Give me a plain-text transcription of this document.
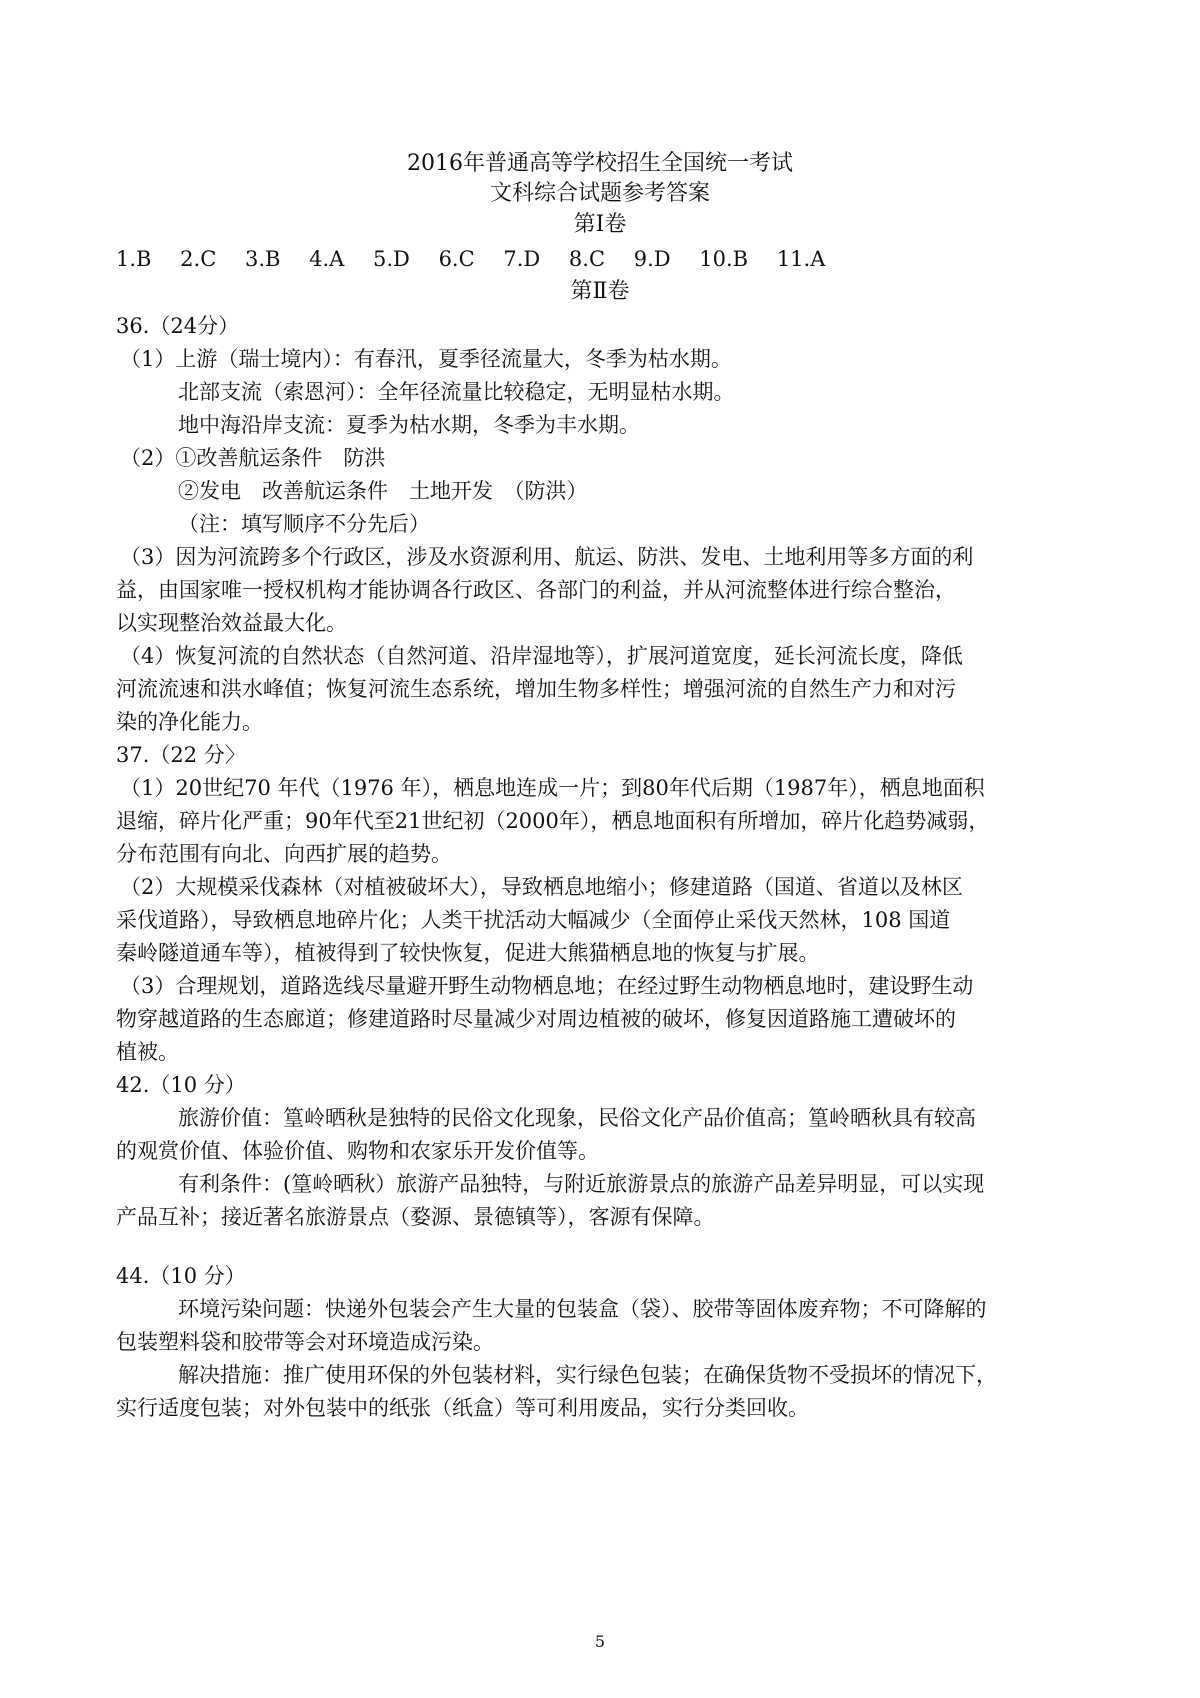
2016年普通高等学校招生全国统一考试
文科综合试题参考答案
第Ⅰ卷
1.B 2.C 3.B 4.A 5.D 6.C 7.D 8.C 9.D 10.B 11.A
第Ⅱ卷
36.（24分）
（1）上游（瑞士境内）：有春汛，夏季径流量大，冬季为枯水期。
北部支流（索恩河）：全年径流量比较稳定，无明显枯水期。
地中海沿岸支流：夏季为枯水期，冬季为丰水期。
（2）①改善航运条件　防洪
②发电　改善航运条件　土地开发　（防洪）
（注：填写顺序不分先后）
（3）因为河流跨多个行政区，涉及水资源利用、航运、防洪、发电、土地利用等多方面的利
益，由国家唯一授权机构才能协调各行政区、各部门的利益，并从河流整体进行综合整治，
以实现整治效益最大化。
（4）恢复河流的自然状态（自然河道、沿岸湿地等），扩展河道宽度，延长河流长度，降低
河流流速和洪水峰值；恢复河流生态系统，增加生物多样性；增强河流的自然生产力和对污
染的净化能力。
37.（22 分〉
（1）20世纪70 年代（1976 年），栖息地连成一片；到80年代后期（1987年），栖息地面积
退缩，碎片化严重；90年代至21世纪初（2000年），栖息地面积有所增加，碎片化趋势减弱，
分布范围有向北、向西扩展的趋势。
（2）大规模采伐森林（对植被破坏大），导致栖息地缩小；修建道路（国道、省道以及林区
采伐道路），导致栖息地碎片化；人类干扰活动大幅减少（全面停止采伐天然林，108 国道
秦岭隧道通车等），植被得到了较快恢复，促进大熊猫栖息地的恢复与扩展。
（3）合理规划，道路选线尽量避开野生动物栖息地；在经过野生动物栖息地时，建设野生动
物穿越道路的生态廊道；修建道路时尽量减少对周边植被的破坏，修复因道路施工遭破坏的
植被。
42.（10 分）
旅游价值：篁岭晒秋是独特的民俗文化现象，民俗文化产品价值高；篁岭晒秋具有较高
的观赏价值、体验价值、购物和农家乐开发价值等。
有利条件：(篁岭晒秋）旅游产品独特，与附近旅游景点的旅游产品差异明显，可以实现
产品互补；接近著名旅游景点（婺源、景德镇等），客源有保障。
44.（10 分）
环境污染问题：快递外包装会产生大量的包装盒（袋）、胶带等固体废弃物；不可降解的
包装塑料袋和胶带等会对环境造成污染。
解决措施：推广使用环保的外包装材料，实行绿色包装；在确保货物不受损坏的情况下，
实行适度包装；对外包装中的纸张（纸盒）等可利用废品，实行分类回收。
5
